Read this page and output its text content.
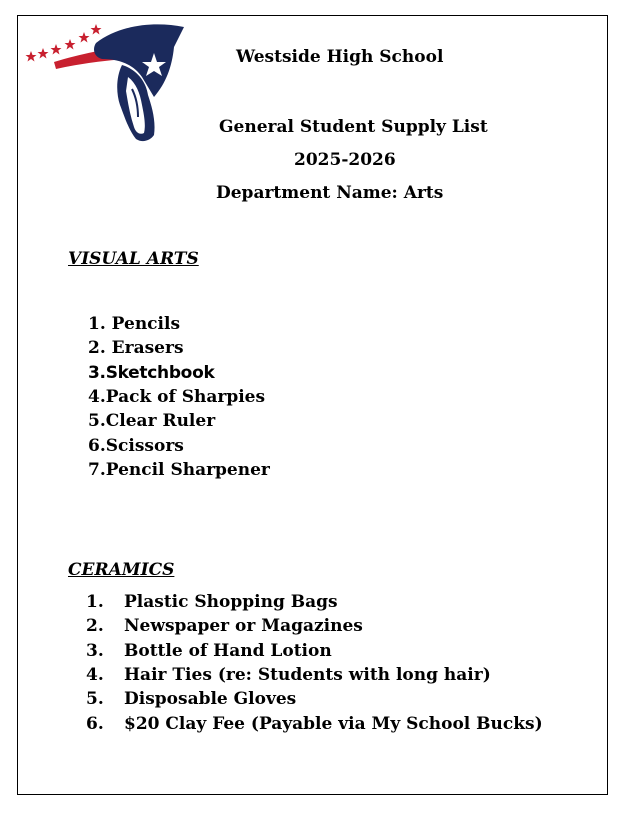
Westside High School
General Student Supply List
2025-2026
Department Name: Arts
VISUAL ARTS
1. Pencils
2. Erasers
3.Sketchbook
4.Pack of Sharpies
5.Clear Ruler
6.Scissors
7.Pencil Sharpener
CERAMICS
1. Plastic Shopping Bags
2. Newspaper or Magazines
3. Bottle of Hand Lotion
4. Hair Ties (re: Students with long hair)
5. Disposable Gloves
6. $20 Clay Fee (Payable via My School Bucks)
